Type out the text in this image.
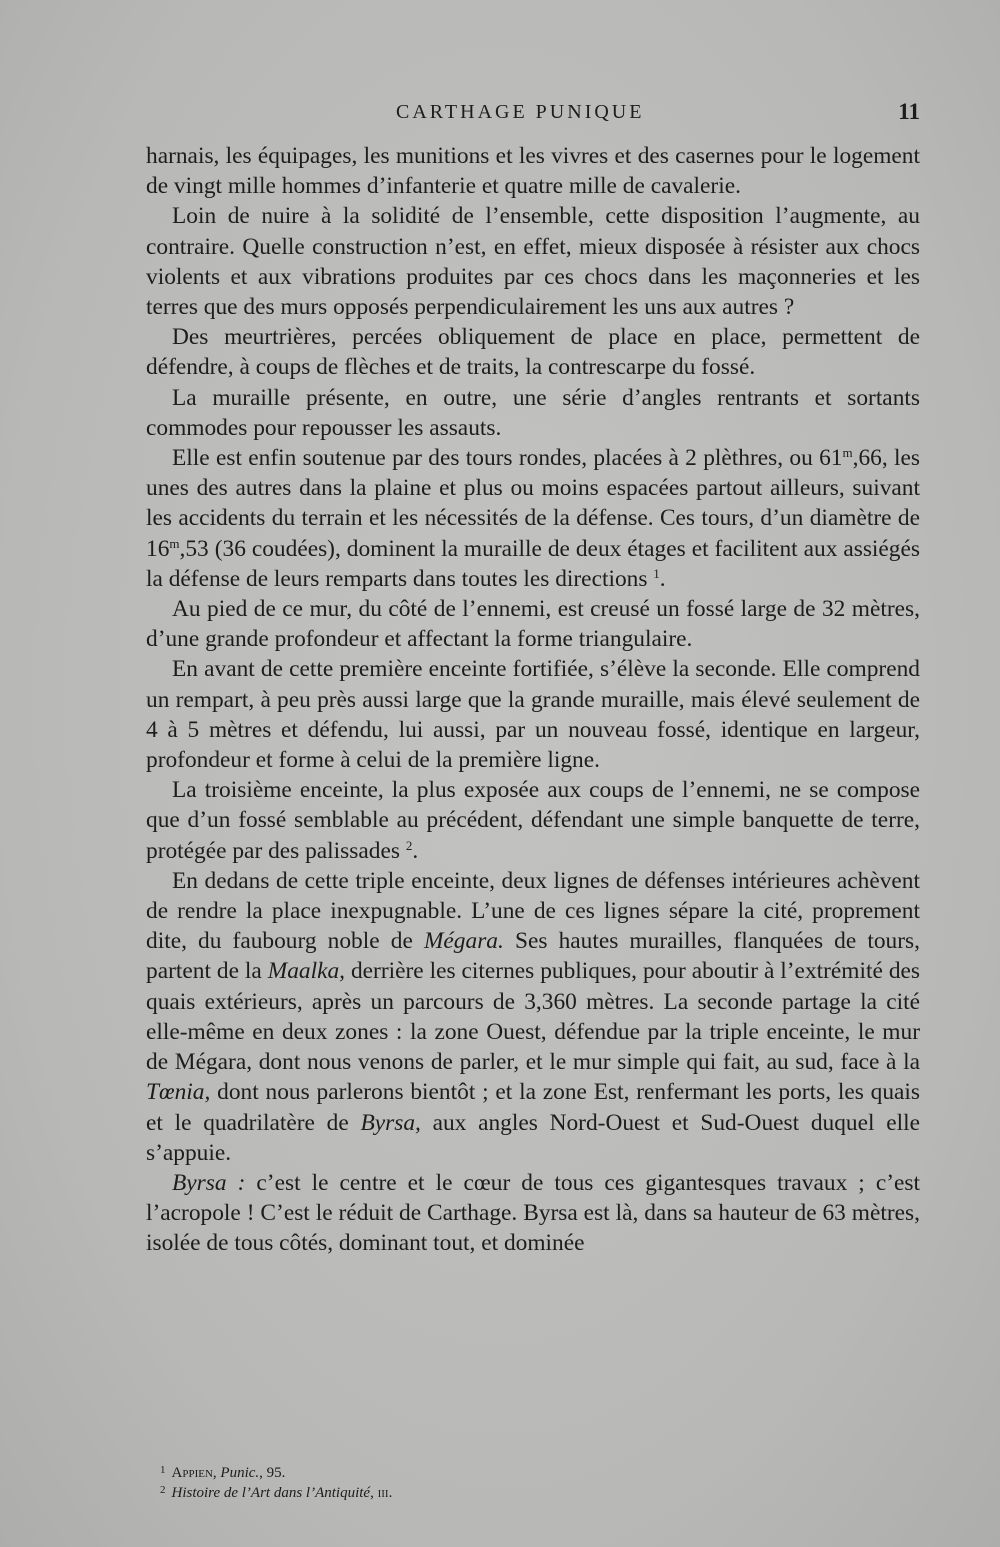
CARTHAGE PUNIQUE	11

harnais, les équipages, les munitions et les vivres et des casernes pour le logement de vingt mille hommes d’infanterie et quatre mille de cavalerie.

Loin de nuire à la solidité de l’ensemble, cette disposition l’augmente, au contraire. Quelle construction n’est, en effet, mieux disposée à résister aux chocs violents et aux vibrations produites par ces chocs dans les maçonneries et les terres que des murs opposés perpendiculairement les uns aux autres ?

Des meurtrières, percées obliquement de place en place, permettent de défendre, à coups de flèches et de traits, la contrescarpe du fossé.

La muraille présente, en outre, une série d’angles rentrants et sortants commodes pour repousser les assauts.

Elle est enfin soutenue par des tours rondes, placées à 2 plèthres, ou 61$^m$,66, les unes des autres dans la plaine et plus ou moins espacées partout ailleurs, suivant les accidents du terrain et les nécessités de la défense. Ces tours, d’un diamètre de 16$^m$,53 (36 coudées), dominent la muraille de deux étages et facilitent aux assiégés la défense de leurs remparts dans toutes les directions $^1$.

Au pied de ce mur, du côté de l’ennemi, est creusé un fossé large de 32 mètres, d’une grande profondeur et affectant la forme triangulaire.

En avant de cette première enceinte fortifiée, s’élève la seconde. Elle comprend un rempart, à peu près aussi large que la grande muraille, mais élevé seulement de 4 à 5 mètres et défendu, lui aussi, par un nouveau fossé, identique en largeur, profondeur et forme à celui de la première ligne.

La troisième enceinte, la plus exposée aux coups de l’ennemi, ne se compose que d’un fossé semblable au précédent, défendant une simple banquette de terre, protégée par des palissades $^2$.

En dedans de cette triple enceinte, deux lignes de défenses intérieures achèvent de rendre la place inexpugnable. L’une de ces lignes sépare la cité, proprement dite, du faubourg noble de Mégara. Ses hautes murailles, flanquées de tours, partent de la Maalka, derrière les citernes publiques, pour aboutir à l’extrémité des quais extérieurs, après un parcours de 3,360 mètres. La seconde partage la cité elle-même en deux zones : la zone Ouest, défendue par la triple enceinte, le mur de Mégara, dont nous venons de parler, et le mur simple qui fait, au sud, face à la Tœnia, dont nous parlerons bientôt ; et la zone Est, renfermant les ports, les quais et le quadrilatère de Byrsa, aux angles Nord-Ouest et Sud-Ouest duquel elle s’appuie.

Byrsa : c’est le centre et le cœur de tous ces gigantesques travaux ; c’est l’acropole ! C’est le réduit de Carthage. Byrsa est là, dans sa hauteur de 63 mètres, isolée de tous côtés, dominant tout, et dominée

$^1$ Appien, Punic., 95.
$^2$ Histoire de l’Art dans l’Antiquité, iii.
